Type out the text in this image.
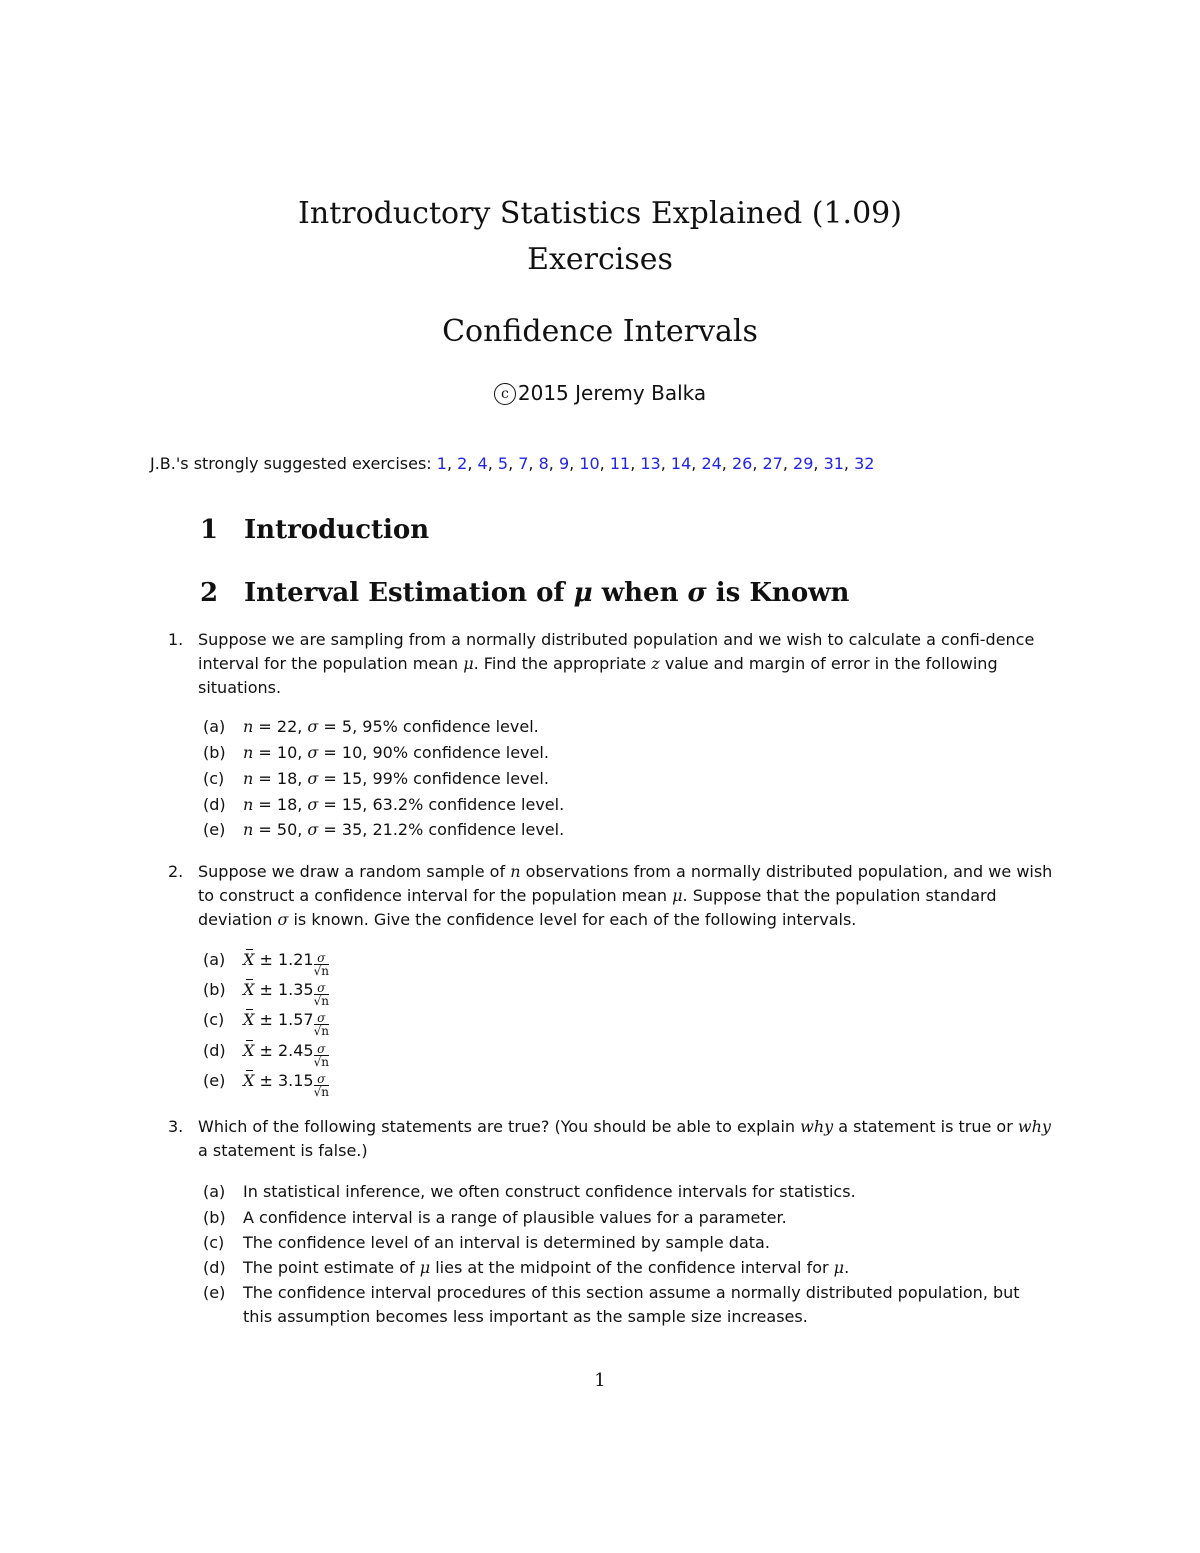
Introductory Statistics Explained (1.09)
Exercises
Confidence Intervals
c 2015 Jeremy Balka
J.B.'s strongly suggested exercises: 1, 2, 4, 5, 7, 8, 9, 10, 11, 13, 14, 24, 26, 27, 29, 31, 32
1 Introduction
2 Interval Estimation of μ when σ is Known
1. Suppose we are sampling from a normally distributed population and we wish to calculate a confi-dence interval for the population mean μ. Find the appropriate z value and margin of error in the following situations.
(a) n = 22, σ = 5, 95% confidence level.
(b) n = 10, σ = 10, 90% confidence level.
(c) n = 18, σ = 15, 99% confidence level.
(d) n = 18, σ = 15, 63.2% confidence level.
(e) n = 50, σ = 35, 21.2% confidence level.
2. Suppose we draw a random sample of n observations from a normally distributed population, and we wish to construct a confidence interval for the population mean μ. Suppose that the population standard deviation σ is known. Give the confidence level for each of the following intervals.
(a) $X \pm 1.21 \frac{\sigma}{√n}$
(b) $X \pm 1.35 \frac{\sigma}{√n}$
(c) $X \pm 1.57 \frac{\sigma}{√n}$
(d) $X \pm 2.45 \frac{\sigma}{√n}$
(e) $X \pm 3.15 \frac{\sigma}{√n}$
3. Which of the following statements are true? (You should be able to explain why a statement is true or why a statement is false.)
(a)	In statistical inference, we often construct confidence intervals for statistics.
(b)	A confidence interval is a range of plausible values for a parameter.
(c)	The confidence level of an interval is determined by sample data.
(d)	The point estimate of μ lies at the midpoint of the confidence interval for μ.
(e)	The confidence interval procedures of this section assume a normally distributed population, but this assumption becomes less important as the sample size increases.
1
